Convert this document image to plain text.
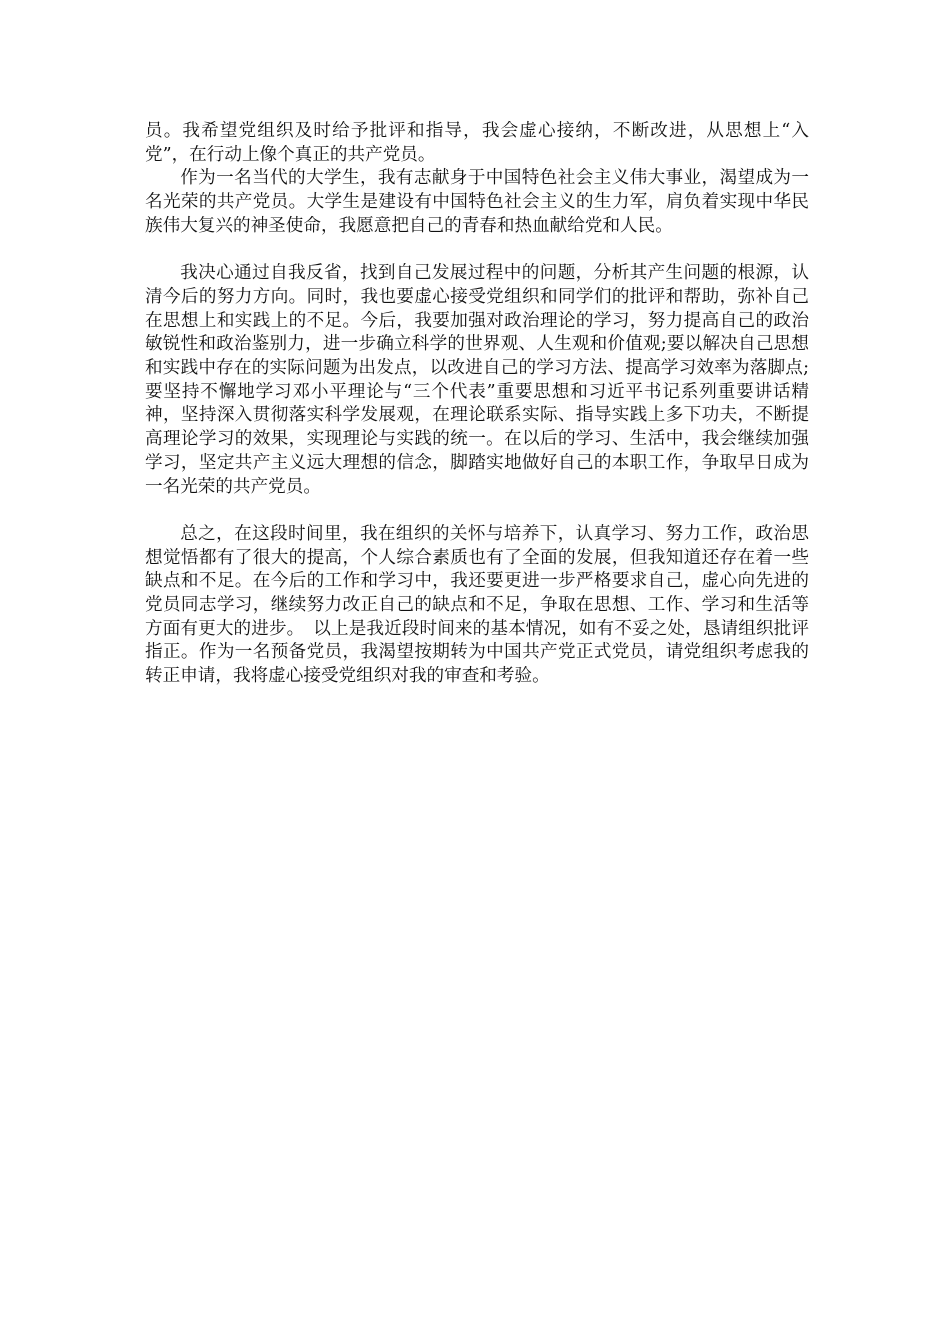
员。我希望党组织及时给予批评和指导，我会虚心接纳，不断改进，从思想上“入党”，在行动上像个真正的共产党员。

作为一名当代的大学生，我有志献身于中国特色社会主义伟大事业，渴望成为一名光荣的共产党员。大学生是建设有中国特色社会主义的生力军，肩负着实现中华民族伟大复兴的神圣使命，我愿意把自己的青春和热血献给党和人民。

我决心通过自我反省，找到自己发展过程中的问题，分析其产生问题的根源，认清今后的努力方向。同时，我也要虚心接受党组织和同学们的批评和帮助，弥补自己在思想上和实践上的不足。今后，我要加强对政治理论的学习，努力提高自己的政治敏锐性和政治鉴别力，进一步确立科学的世界观、人生观和价值观;要以解决自己思想和实践中存在的实际问题为出发点，以改进自己的学习方法、提高学习效率为落脚点;要坚持不懈地学习邓小平理论与“三个代表”重要思想和习近平书记系列重要讲话精神，坚持深入贯彻落实科学发展观，在理论联系实际、指导实践上多下功夫，不断提高理论学习的效果，实现理论与实践的统一。在以后的学习、生活中，我会继续加强学习，坚定共产主义远大理想的信念，脚踏实地做好自己的本职工作，争取早日成为一名光荣的共产党员。

总之，在这段时间里，我在组织的关怀与培养下，认真学习、努力工作，政治思想觉悟都有了很大的提高，个人综合素质也有了全面的发展，但我知道还存在着一些缺点和不足。在今后的工作和学习中，我还要更进一步严格要求自己，虚心向先进的党员同志学习，继续努力改正自己的缺点和不足，争取在思想、工作、学习和生活等方面有更大的进步。　以上是我近段时间来的基本情况，如有不妥之处，恳请组织批评指正。作为一名预备党员，我渴望按期转为中国共产党正式党员，请党组织考虑我的转正申请，我将虚心接受党组织对我的审查和考验。
